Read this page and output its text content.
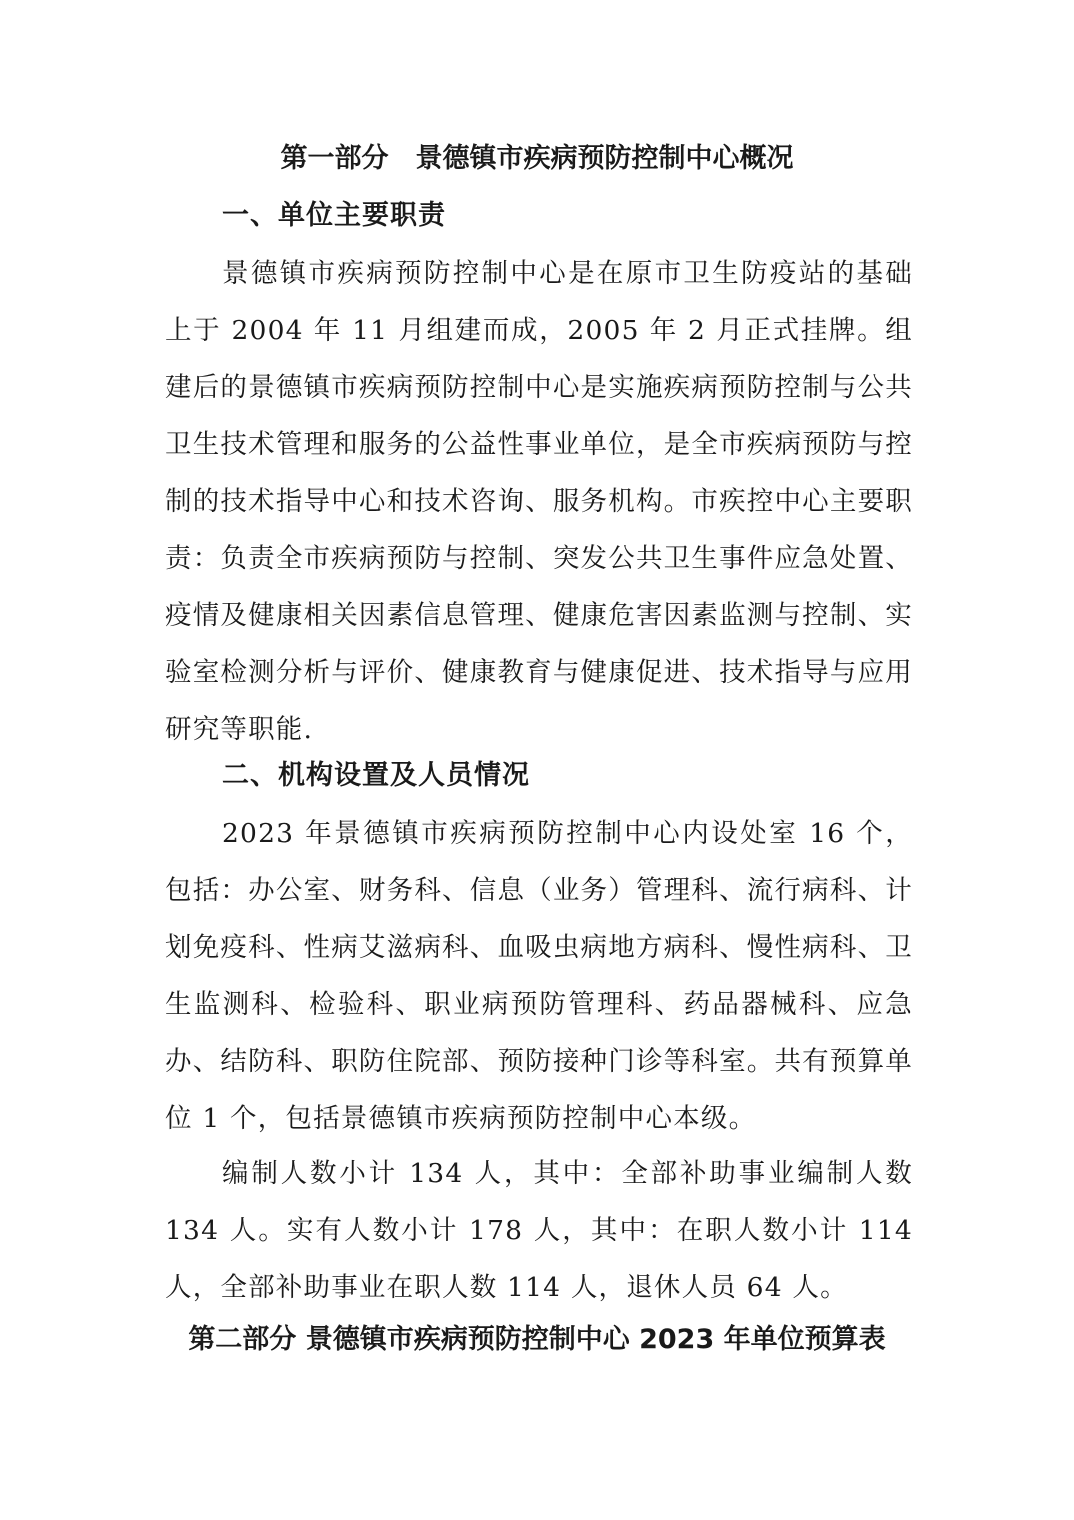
第一部分　景德镇市疾病预防控制中心概况
一、单位主要职责

景德镇市疾病预防控制中心是在原市卫生防疫站的基础上于 2004 年 11 月组建而成，2005 年 2 月正式挂牌。组建后的景德镇市疾病预防控制中心是实施疾病预防控制与公共卫生技术管理和服务的公益性事业单位，是全市疾病预防与控制的技术指导中心和技术咨询、服务机构。市疾控中心主要职责：负责全市疾病预防与控制、突发公共卫生事件应急处置、疫情及健康相关因素信息管理、健康危害因素监测与控制、实验室检测分析与评价、健康教育与健康促进、技术指导与应用研究等职能.

二、机构设置及人员情况

2023 年景德镇市疾病预防控制中心内设处室 16 个，包括：办公室、财务科、信息（业务）管理科、流行病科、计划免疫科、性病艾滋病科、血吸虫病地方病科、慢性病科、卫生监测科、检验科、职业病预防管理科、药品器械科、应急办、结防科、职防住院部、预防接种门诊等科室。共有预算单位 1 个，包括景德镇市疾病预防控制中心本级。

编制人数小计 134 人，其中：全部补助事业编制人数 134 人。实有人数小计 178 人，其中：在职人数小计 114 人，全部补助事业在职人数 114 人，退休人员 64 人。

第二部分 景德镇市疾病预防控制中心 2023 年单位预算表
